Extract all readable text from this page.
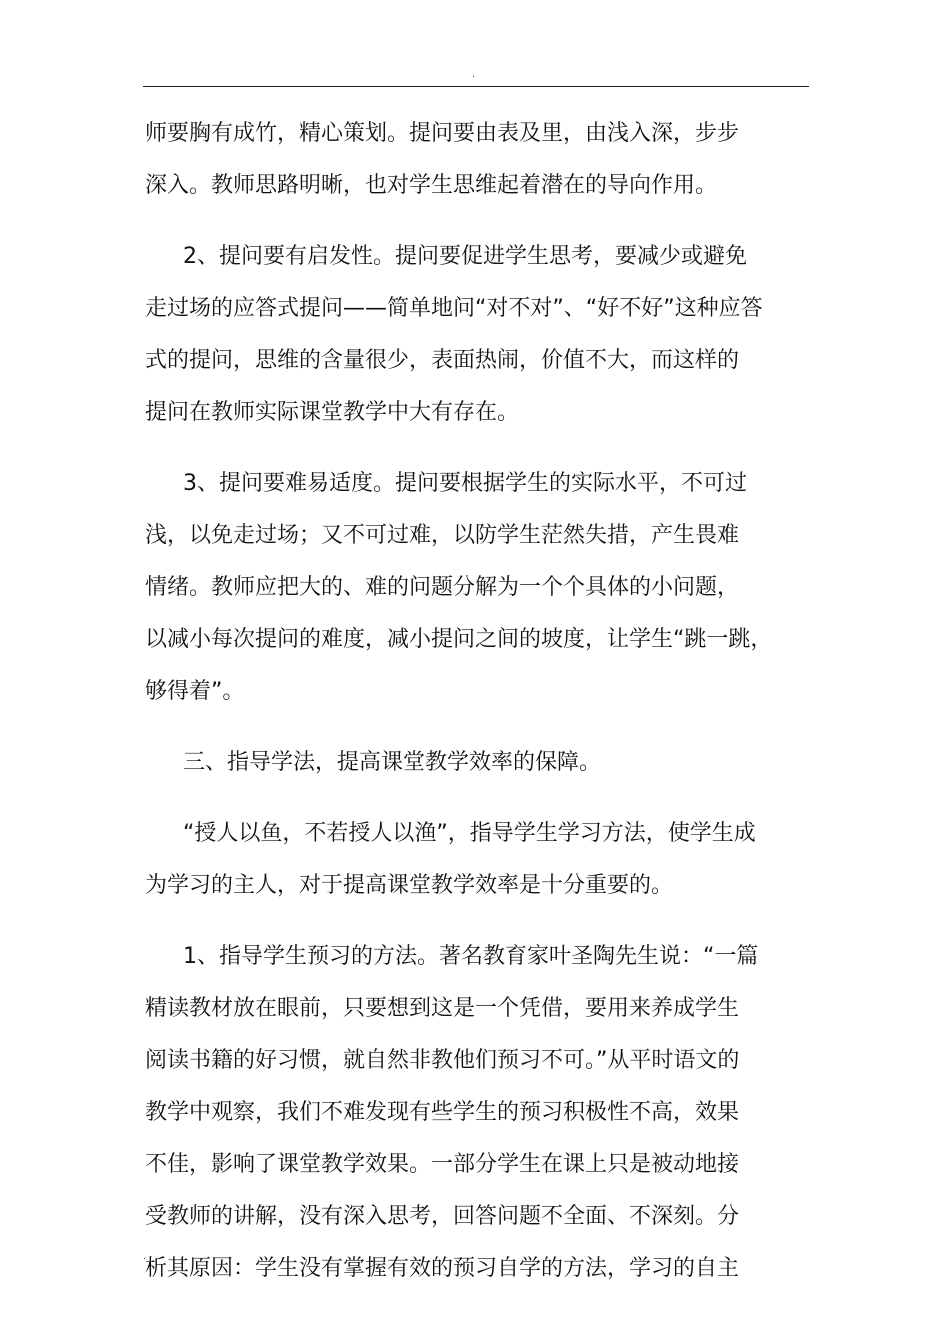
.

师要胸有成竹，精心策划。提问要由表及里，由浅入深，步步
深入。教师思路明晰，也对学生思维起着潜在的导向作用。

2、提问要有启发性。提问要促进学生思考，要减少或避免
走过场的应答式提问——简单地问“对不对”、“好不好”这种应答
式的提问，思维的含量很少，表面热闹，价值不大，而这样的
提问在教师实际课堂教学中大有存在。

3、提问要难易适度。提问要根据学生的实际水平，不可过
浅，以免走过场；又不可过难，以防学生茫然失措，产生畏难
情绪。教师应把大的、难的问题分解为一个个具体的小问题，
以减小每次提问的难度，减小提问之间的坡度，让学生“跳一跳，
够得着”。

三、指导学法，提高课堂教学效率的保障。

“授人以鱼，不若授人以渔”，指导学生学习方法，使学生成
为学习的主人，对于提高课堂教学效率是十分重要的。

1、指导学生预习的方法。著名教育家叶圣陶先生说：“一篇
精读教材放在眼前，只要想到这是一个凭借，要用来养成学生
阅读书籍的好习惯，就自然非教他们预习不可。”从平时语文的
教学中观察，我们不难发现有些学生的预习积极性不高，效果
不佳，影响了课堂教学效果。一部分学生在课上只是被动地接
受教师的讲解，没有深入思考，回答问题不全面、不深刻。分
析其原因：学生没有掌握有效的预习自学的方法，学习的自主

.
